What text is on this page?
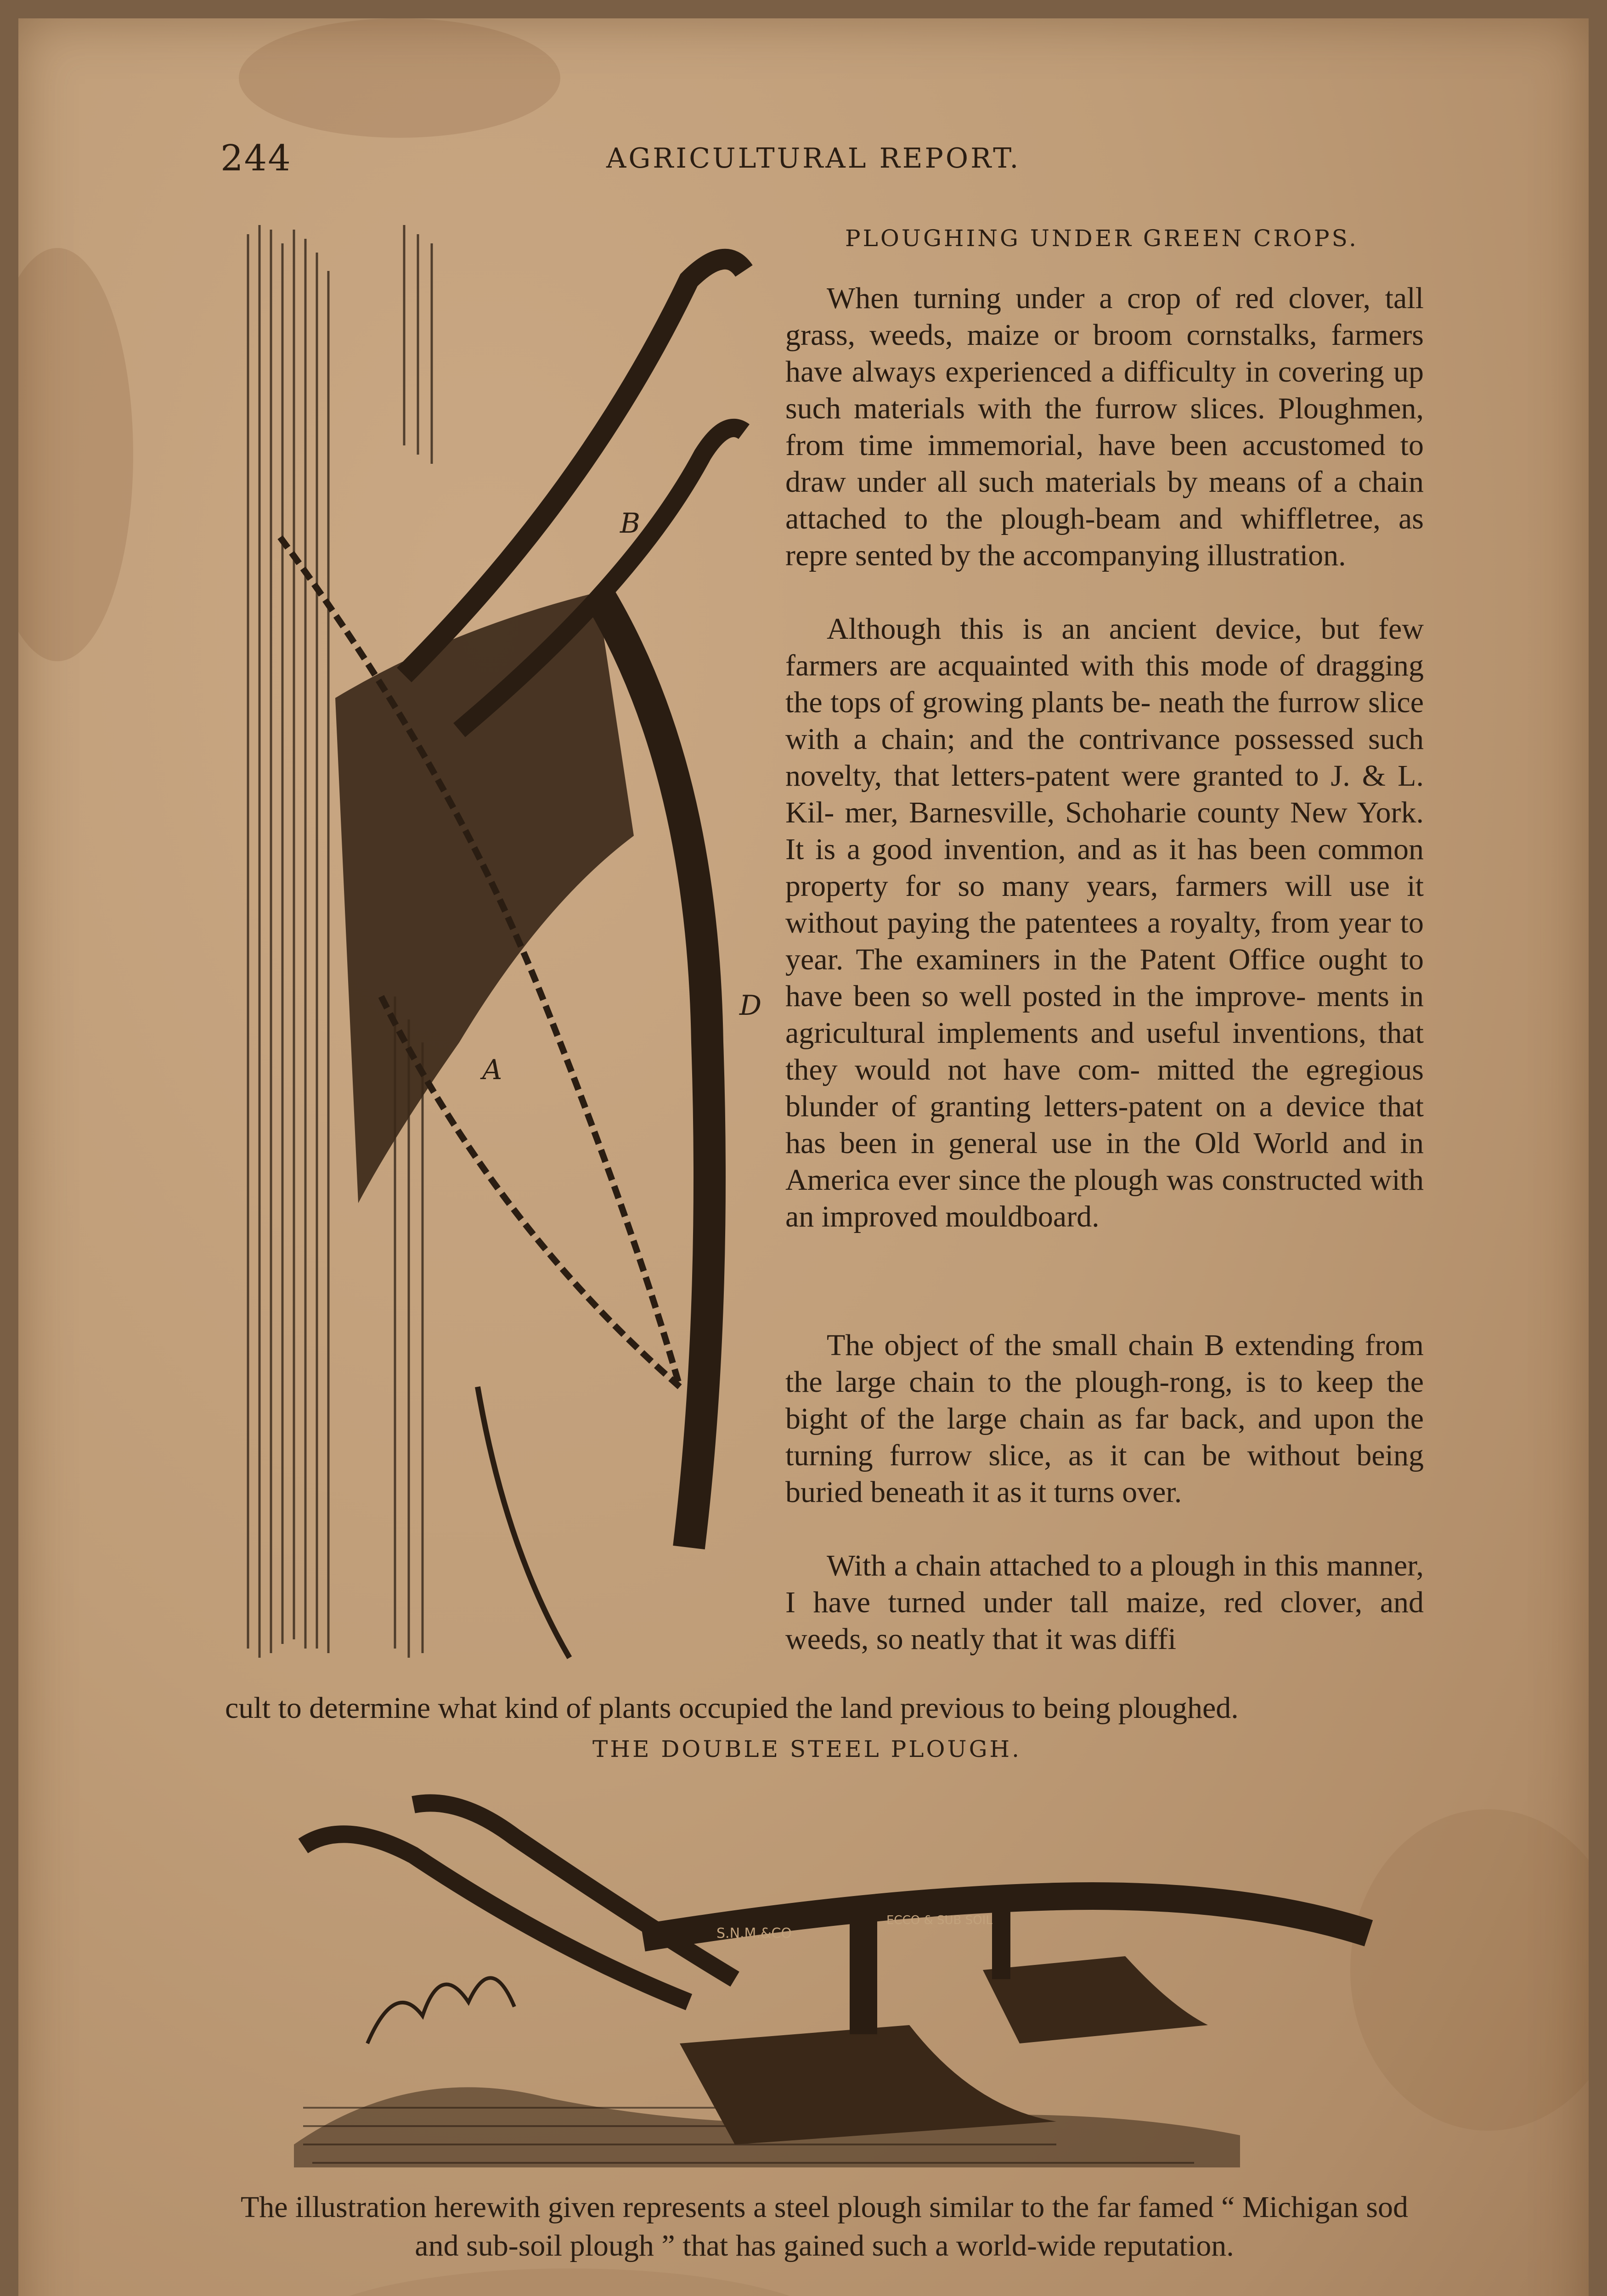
244	AGRICULTURAL REPORT.
B
A
D
PLOUGHING UNDER GREEN CROPS.

When turning under a crop of red clover, tall grass, weeds, maize or broom cornstalks, farmers have always experienced a difficulty in covering up such materials with the furrow slices. Ploughmen, from time immemorial, have been accustomed to draw under all such materials by means of a chain attached to the plough-beam and whiffletree, as repre sented by the accompanying illustration.

Although this is an ancient device, but few farmers are acquainted with this mode of dragging the tops of growing plants be- neath the furrow slice with a chain; and the contrivance possessed such novelty, that letters-patent were granted to J. & L. Kil- mer, Barnesville, Schoharie county New York. It is a good invention, and as it has been common property for so many years, farmers will use it without paying the patentees a royalty, from year to year. The examiners in the Patent Office ought to have been so well posted in the improve- ments in agricultural implements and useful inventions, that they would not have com- mitted the egregious blunder of granting letters-patent on a device that has been in general use in the Old World and in America ever since the plough was constructed with an improved mouldboard.

The object of the small chain B extending from the large chain to the plough-rong, is to keep the bight of the large chain as far back, and upon the turning furrow slice, as it can be without being buried beneath it as it turns over.

With a chain attached to a plough in this manner, I have turned under tall maize, red clover, and weeds, so neatly that it was diffi

cult to determine what kind of plants occupied the land previous to being ploughed.

THE DOUBLE STEEL PLOUGH.
S.N.M.&CO
ECCO & SUB SOIL

The illustration herewith given represents a steel plough similar to the far famed “ Michigan sod and sub-soil plough ” that has gained such a world-wide reputation.
